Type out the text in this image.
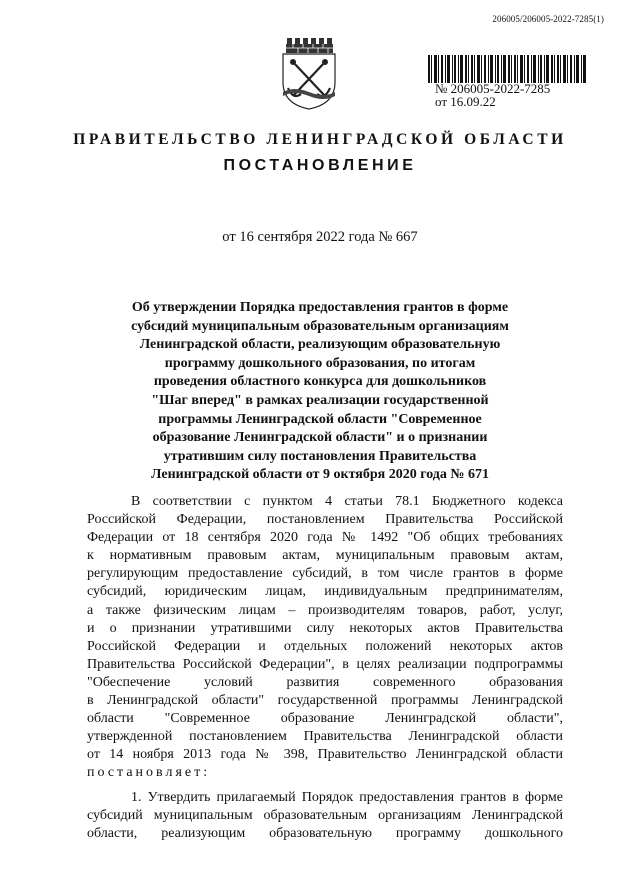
206005/206005-2022-7285(1)
№ 206005-2022-7285
от 16.09.22
ПРАВИТЕЛЬСТВО ЛЕНИНГРАДСКОЙ ОБЛАСТИ
ПОСТАНОВЛЕНИЕ
от 16 сентября 2022 года № 667
Об утверждении Порядка предоставления грантов в форме
субсидий муниципальным образовательным организациям
Ленинградской области, реализующим образовательную
программу дошкольного образования, по итогам
проведения областного конкурса для дошкольников
"Шаг вперед" в рамках реализации государственной
программы Ленинградской области "Современное
образование Ленинградской области" и о признании
утратившим силу постановления Правительства
Ленинградской области от 9 октября 2020 года № 671
В соответствии с пунктом 4 статьи 78.1 Бюджетного кодекса
Российской Федерации, постановлением Правительства Российской
Федерации от 18 сентября 2020 года № 1492 "Об общих требованиях
к нормативным правовым актам, муниципальным правовым актам,
регулирующим предоставление субсидий, в том числе грантов в форме
субсидий, юридическим лицам, индивидуальным предпринимателям,
а также физическим лицам – производителям товаров, работ, услуг,
и о признании утратившими силу некоторых актов Правительства
Российской Федерации и отдельных положений некоторых актов
Правительства Российской Федерации", в целях реализации подпрограммы
"Обеспечение условий развития современного образования
в Ленинградской области" государственной программы Ленинградской
области "Современное образование Ленинградской области",
утвержденной постановлением Правительства Ленинградской области
от 14 ноября 2013 года № 398, Правительство Ленинградской области
постановляет:
1. Утвердить прилагаемый Порядок предоставления грантов в форме
субсидий муниципальным образовательным организациям Ленинградской
области, реализующим образовательную программу дошкольного
